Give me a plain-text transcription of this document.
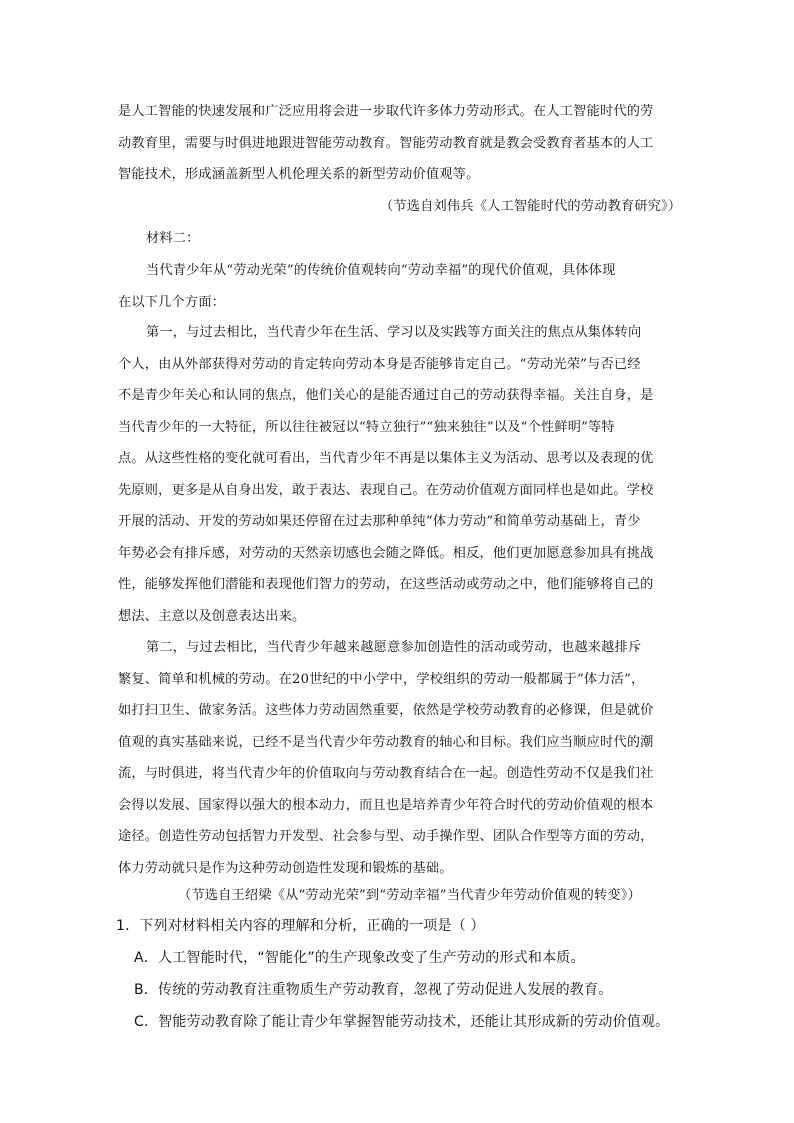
是人工智能的快速发展和广泛应用将会进一步取代许多体力劳动形式。在人工智能时代的劳
动教育里，需要与时俱进地跟进智能劳动教育。智能劳动教育就是教会受教育者基本的人工
智能技术，形成涵盖新型人机伦理关系的新型劳动价值观等。
（节选自刘伟兵《人工智能时代的劳动教育研究》）
材料二：
当代青少年从“劳动光荣”的传统价值观转向“劳动幸福”的现代价值观，具体体现
在以下几个方面：
第一，与过去相比，当代青少年在生活、学习以及实践等方面关注的焦点从集体转向
个人，由从外部获得对劳动的肯定转向劳动本身是否能够肯定自己。“劳动光荣”与否已经
不是青少年关心和认同的焦点，他们关心的是能否通过自己的劳动获得幸福。关注自身，是
当代青少年的一大特征，所以往往被冠以“特立独行”“独来独往”以及“个性鲜明”等特
点。从这些性格的变化就可看出，当代青少年不再是以集体主义为活动、思考以及表现的优
先原则，更多是从自身出发，敢于表达、表现自己。在劳动价值观方面同样也是如此。学校
开展的活动、开发的劳动如果还停留在过去那种单纯“体力劳动”和简单劳动基础上，青少
年势必会有排斥感，对劳动的天然亲切感也会随之降低。相反，他们更加愿意参加具有挑战
性，能够发挥他们潜能和表现他们智力的劳动，在这些活动或劳动之中，他们能够将自己的
想法、主意以及创意表达出来。
第二，与过去相比，当代青少年越来越愿意参加创造性的活动或劳动，也越来越排斥
繁复、简单和机械的劳动。在20世纪的中小学中，学校组织的劳动一般都属于“体力活”，
如打扫卫生、做家务活。这些体力劳动固然重要，依然是学校劳动教育的必修课，但是就价
值观的真实基础来说，已经不是当代青少年劳动教育的轴心和目标。我们应当顺应时代的潮
流，与时俱进，将当代青少年的价值取向与劳动教育结合在一起。创造性劳动不仅是我们社
会得以发展、国家得以强大的根本动力，而且也是培养青少年符合时代的劳动价值观的根本
途径。创造性劳动包括智力开发型、社会参与型、动手操作型、团队合作型等方面的劳动，
体力劳动就只是作为这种劳动创造性发现和锻炼的基础。
（节选自王绍梁《从“劳动光荣”到“劳动幸福”当代青少年劳动价值观的转变》）
1．下列对材料相关内容的理解和分析，正确的一项是（ ）
A．人工智能时代，“智能化”的生产现象改变了生产劳动的形式和本质。
B．传统的劳动教育注重物质生产劳动教育，忽视了劳动促进人发展的教育。
C．智能劳动教育除了能让青少年掌握智能劳动技术，还能让其形成新的劳动价值观。
